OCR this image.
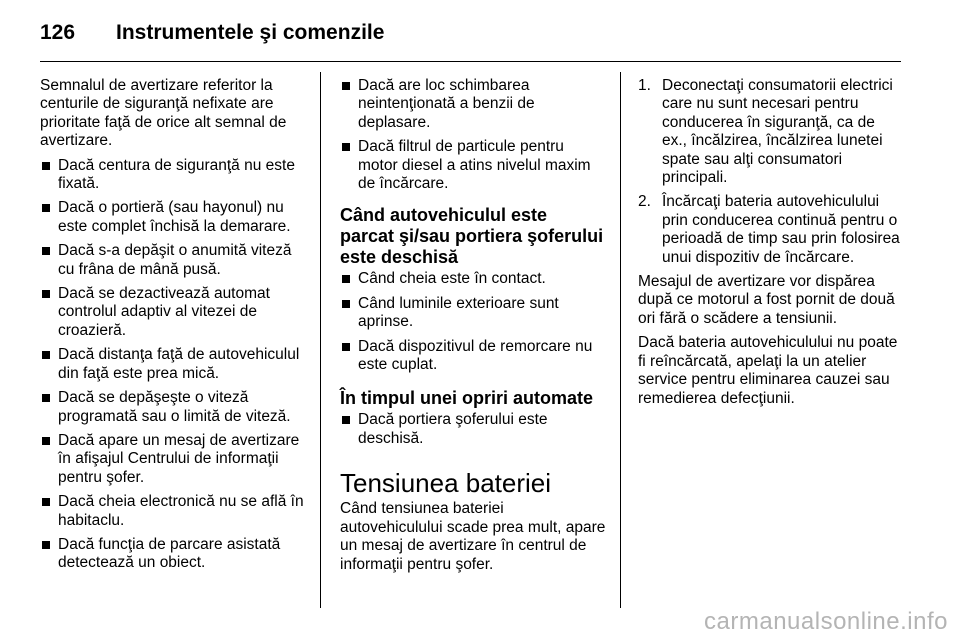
126	Instrumentele şi comenzile

Semnalul de avertizare referitor la centurile de siguranţă nefixate are prioritate faţă de orice alt semnal de avertizare.

Dacă centura de siguranţă nu este fixată.
Dacă o portieră (sau hayonul) nu este complet închisă la demarare.
Dacă s-a depăşit o anumită viteză cu frâna de mână pusă.
Dacă se dezactivează automat controlul adaptiv al vitezei de croazieră.
Dacă distanţa faţă de autovehiculul din faţă este prea mică.
Dacă se depăşeşte o viteză programată sau o limită de viteză.
Dacă apare un mesaj de avertizare în afişajul Centrului de informaţii pentru şofer.
Dacă cheia electronică nu se află în habitaclu.
Dacă funcţia de parcare asistată detectează un obiect.
Dacă are loc schimbarea neintenţionată a benzii de deplasare.
Dacă filtrul de particule pentru motor diesel a atins nivelul maxim de încărcare.
Când autovehiculul este parcat şi/sau portiera şoferului este deschisă
Când cheia este în contact.
Când luminile exterioare sunt aprinse.
Dacă dispozitivul de remorcare nu este cuplat.
În timpul unei opriri automate
Dacă portiera şoferului este deschisă.
Tensiunea bateriei

Când tensiunea bateriei autovehiculului scade prea mult, apare un mesaj de avertizare în centrul de informaţii pentru şofer.

1. Deconectaţi consumatorii electrici care nu sunt necesari pentru conducerea în siguranţă, ca de ex., încălzirea, încălzirea lunetei spate sau alţi consumatori principali.
2. Încărcaţi bateria autovehiculului prin conducerea continuă pentru o perioadă de timp sau prin folosirea unui dispozitiv de încărcare.

Mesajul de avertizare vor dispărea după ce motorul a fost pornit de două ori fără o scădere a tensiunii.

Dacă bateria autovehiculului nu poate fi reîncărcată, apelaţi la un atelier service pentru eliminarea cauzei sau remedierea defecţiunii.

carmanualsonline.info
